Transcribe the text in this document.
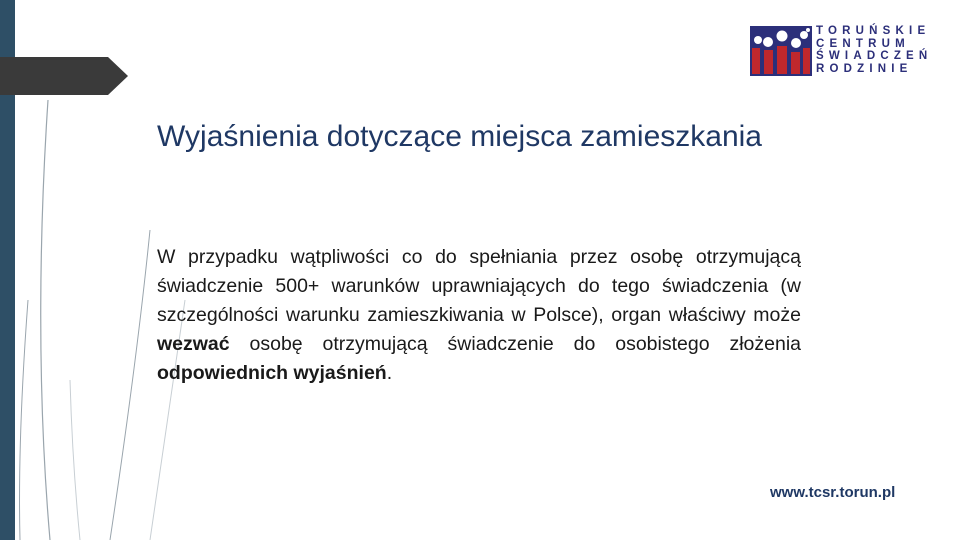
TORUŃSKIE
CENTRUM
ŚWIADCZEŃ
RODZINIE
Wyjaśnienia dotyczące miejsca zamieszkania

W przypadku wątpliwości co do spełniania przez osobę otrzymującą świadczenie 500+ warunków uprawniających do tego świadczenia (w szczególności warunku zamieszkiwania w Polsce), organ właściwy może wezwać osobę otrzymującą świadczenie do osobistego złożenia odpowiednich wyjaśnień.

www.tcsr.torun.pl
